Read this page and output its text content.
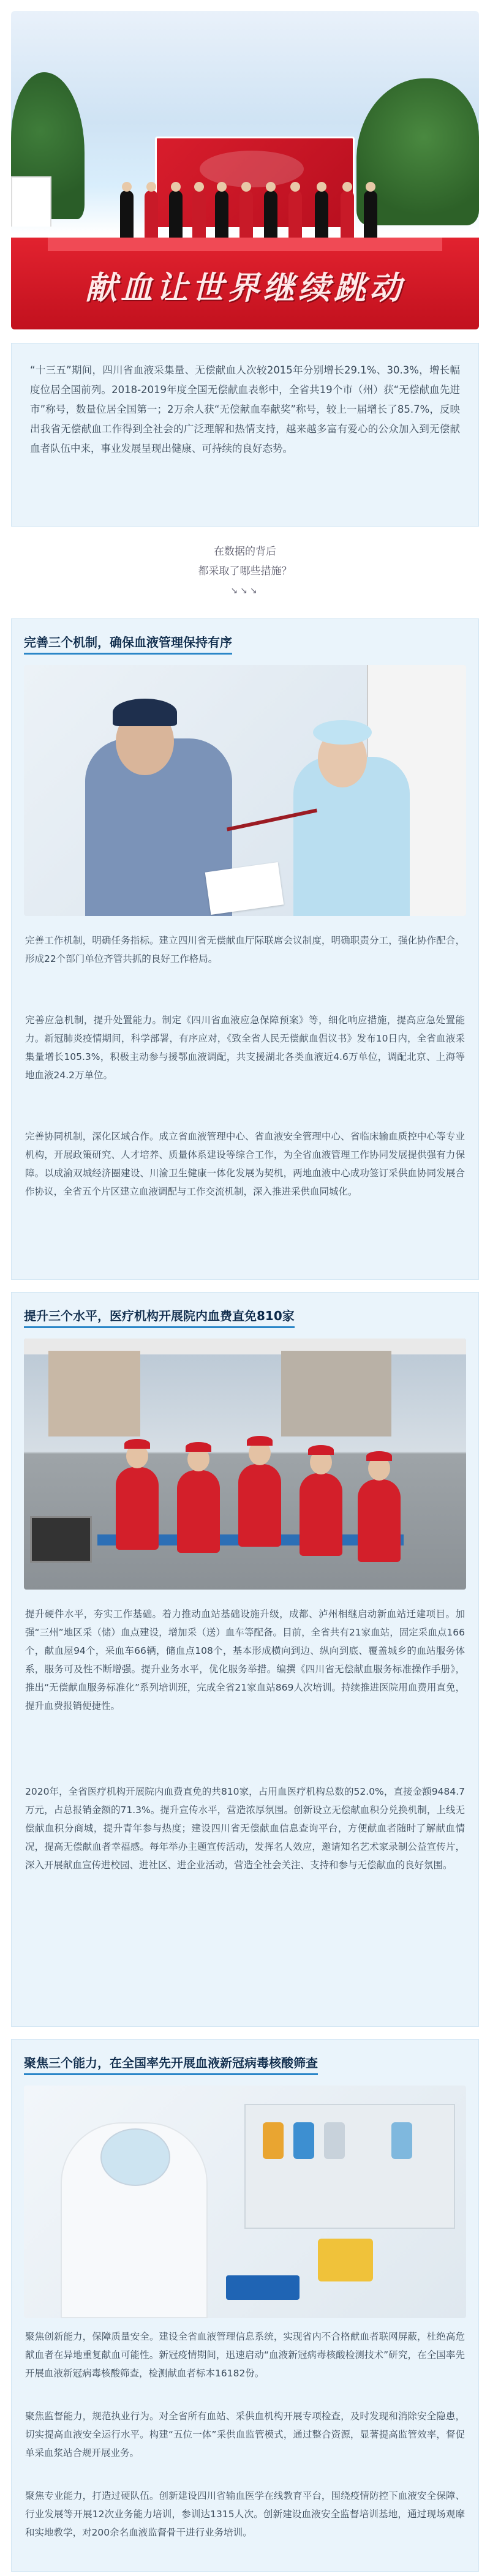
献血让世界继续跳动

“十三五”期间，四川省血液采集量、无偿献血人次较2015年分别增长29.1%、30.3%，增长幅度位居全国前列。2018-2019年度全国无偿献血表彰中，全省共19个市（州）获“无偿献血先进市”称号，数量位居全国第一；2万余人获“无偿献血奉献奖”称号，较上一届增长了85.7%，反映出我省无偿献血工作得到全社会的广泛理解和热情支持，越来越多富有爱心的公众加入到无偿献血者队伍中来，事业发展呈现出健康、可持续的良好态势。

在数据的背后
都采取了哪些措施？
↘↘↘
完善三个机制，确保血液管理保持有序

完善工作机制，明确任务指标。建立四川省无偿献血厅际联席会议制度，明确职责分工，强化协作配合，形成22个部门单位齐管共抓的良好工作格局。

完善应急机制，提升处置能力。制定《四川省血液应急保障预案》等，细化响应措施，提高应急处置能力。新冠肺炎疫情期间，科学部署，有序应对，《致全省人民无偿献血倡议书》发布10日内，全省血液采集量增长105.3%，积极主动参与援鄂血液调配，共支援湖北各类血液近4.6万单位，调配北京、上海等地血液24.2万单位。

完善协同机制，深化区域合作。成立省血液管理中心、省血液安全管理中心、省临床输血质控中心等专业机构，开展政策研究、人才培养、质量体系建设等综合工作，为全省血液管理工作协同发展提供强有力保障。以成渝双城经济圈建设、川渝卫生健康一体化发展为契机，两地血液中心成功签订采供血协同发展合作协议，全省五个片区建立血液调配与工作交流机制，深入推进采供血同城化。

提升三个水平，医疗机构开展院内血费直免810家

提升硬件水平，夯实工作基础。着力推动血站基础设施升级，成都、泸州相继启动新血站迁建项目。加强“三州”地区采（储）血点建设，增加采（送）血车等配备。目前，全省共有21家血站，固定采血点166个，献血屋94个，采血车66辆，储血点108个，基本形成横向到边、纵向到底、覆盖城乡的血站服务体系，服务可及性不断增强。提升业务水平，优化服务举措。编撰《四川省无偿献血服务标准操作手册》，推出“无偿献血服务标准化”系列培训班，完成全省21家血站869人次培训。持续推进医院用血费用直免，提升血费报销便捷性。

2020年，全省医疗机构开展院内血费直免的共810家，占用血医疗机构总数的52.0%，直接金额9484.7万元，占总报销金额的71.3%。提升宣传水平，营造浓厚氛围。创新设立无偿献血积分兑换机制，上线无偿献血积分商城，提升青年参与热度；建设四川省无偿献血信息查询平台，方便献血者随时了解献血情况，提高无偿献血者幸福感。每年举办主题宣传活动，发挥名人效应，邀请知名艺术家录制公益宣传片，深入开展献血宣传进校园、进社区、进企业活动，营造全社会关注、支持和参与无偿献血的良好氛围。

聚焦三个能力，在全国率先开展血液新冠病毒核酸筛查

聚焦创新能力，保障质量安全。建设全省血液管理信息系统，实现省内不合格献血者联网屏蔽，杜绝高危献血者在异地重复献血可能性。新冠疫情期间，迅速启动“血液新冠病毒核酸检测技术”研究，在全国率先开展血液新冠病毒核酸筛查，检测献血者标本16182份。

聚焦监督能力，规范执业行为。对全省所有血站、采供血机构开展专项检查，及时发现和消除安全隐患，切实提高血液安全运行水平。构建“五位一体”采供血监管模式，通过整合资源，显著提高监管效率，督促单采血浆站合规开展业务。

聚焦专业能力，打造过硬队伍。创新建设四川省输血医学在线教育平台，围绕疫情防控下血液安全保障、行业发展等开展12次业务能力培训，参训达1315人次。创新建设血液安全监督培训基地，通过现场观摩和实地教学，对200余名血液监督骨干进行业务培训。
